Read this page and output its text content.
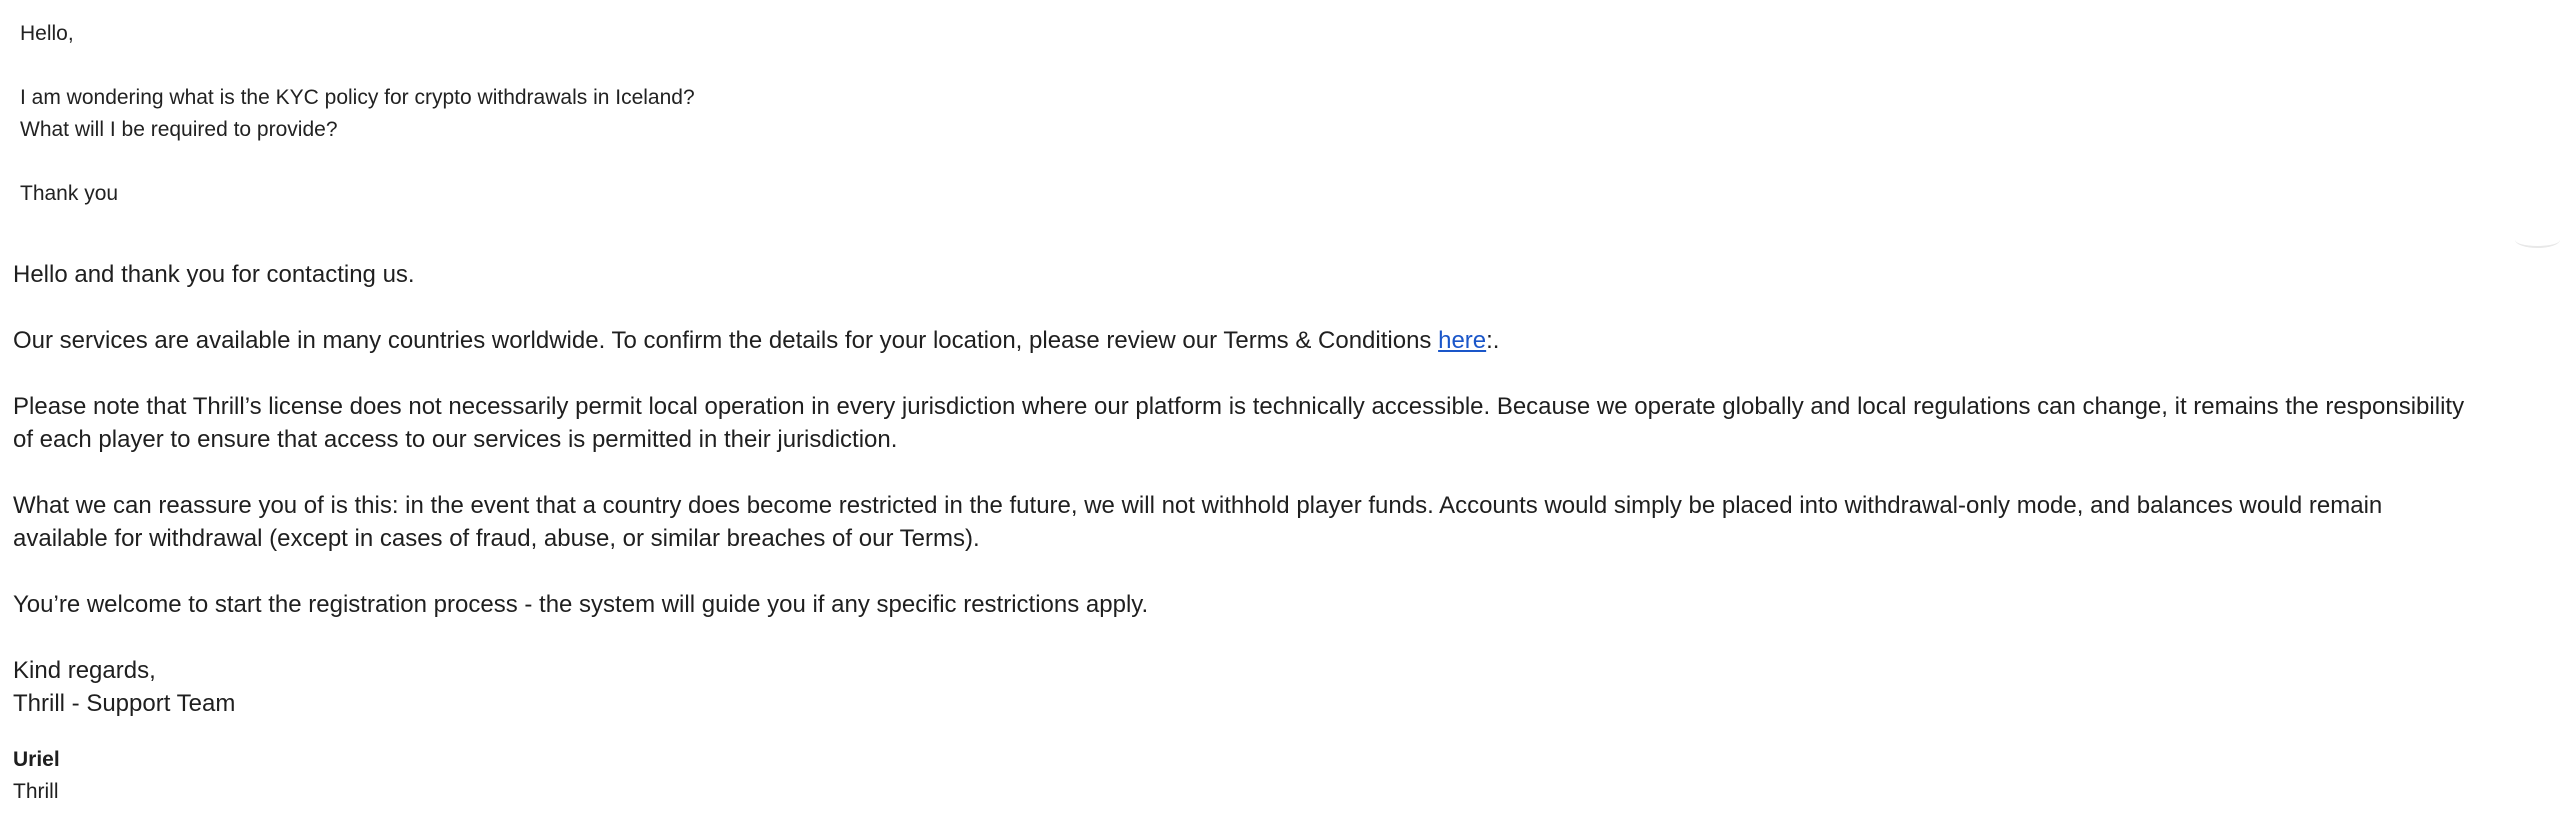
Hello,

I am wondering what is the KYC policy for crypto withdrawals in Iceland?

What will I be required to provide?

Thank you

Hello and thank you for contacting us.

Our services are available in many countries worldwide. To confirm the details for your location, please review our Terms & Conditions here:.

Please note that Thrill’s license does not necessarily permit local operation in every jurisdiction where our platform is technically accessible. Because we operate globally and local regulations can change, it remains the responsibility of each player to ensure that access to our services is permitted in their jurisdiction.

What we can reassure you of is this: in the event that a country does become restricted in the future, we will not withhold player funds. Accounts would simply be placed into withdrawal-only mode, and balances would remain available for withdrawal (except in cases of fraud, abuse, or similar breaches of our Terms).

You’re welcome to start the registration process - the system will guide you if any specific restrictions apply.

Kind regards,

Thrill - Support Team

Uriel
Thrill
